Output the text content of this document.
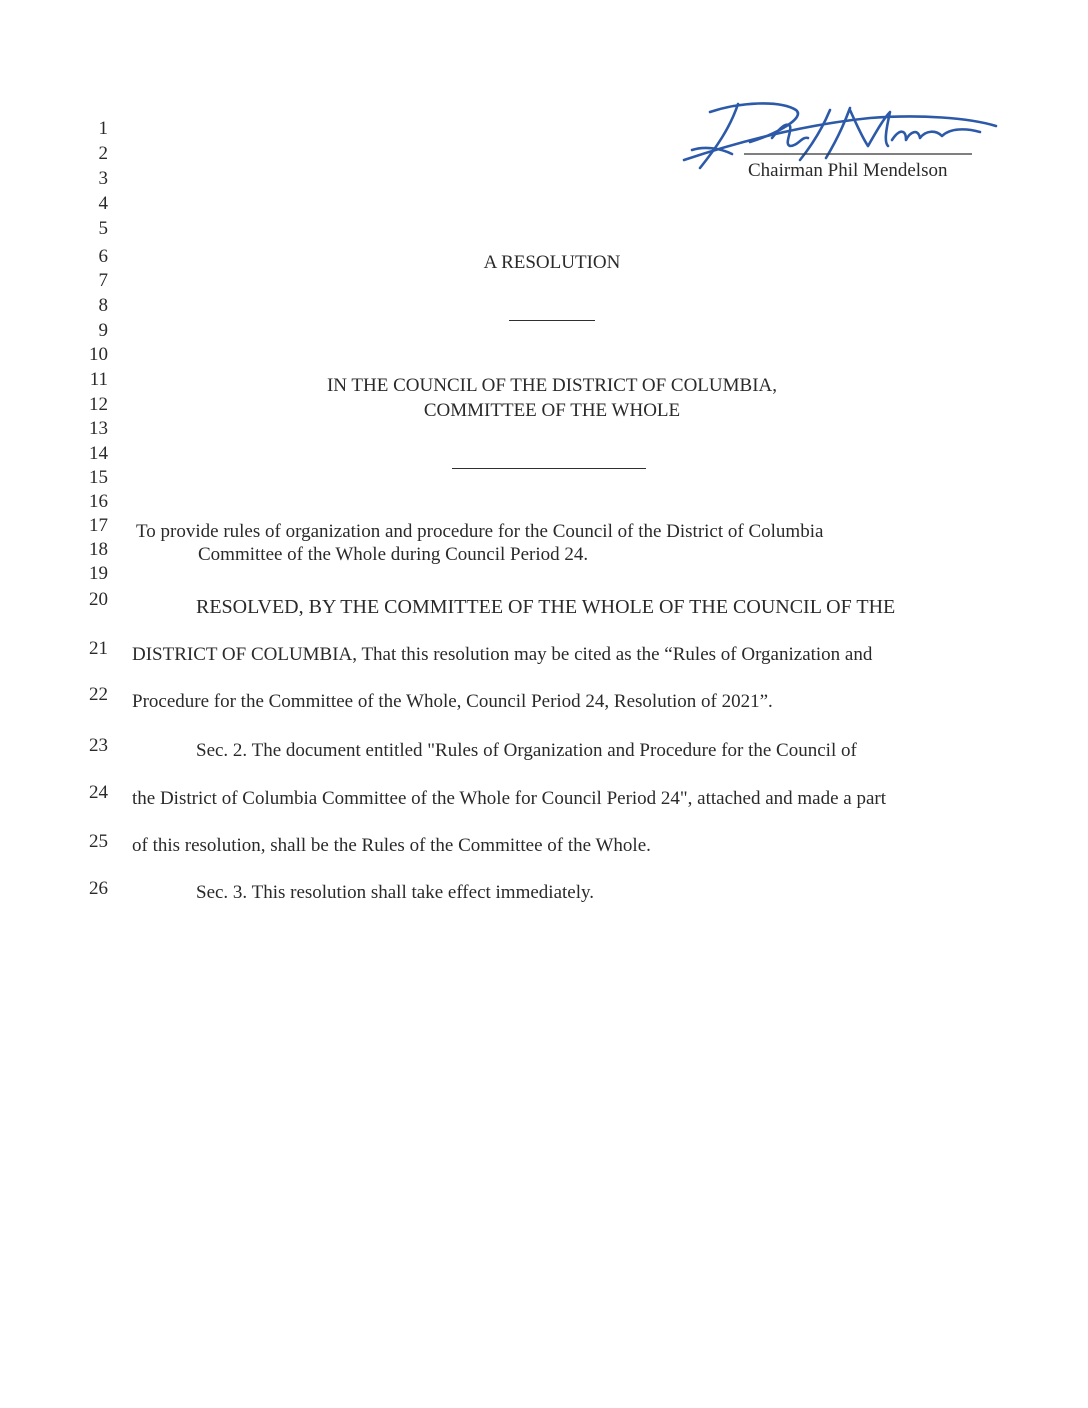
Chairman Phil Mendelson
1
2
3
4
5
6
7
8
9
10
11
12
13
14
15
16
17
18
19
20
21
22
23
24
25
26
A RESOLUTION
IN THE COUNCIL OF THE DISTRICT OF COLUMBIA,
COMMITTEE OF THE WHOLE
To provide rules of organization and procedure for the Council of the District of Columbia
Committee of the Whole during Council Period 24.
RESOLVED, BY THE COMMITTEE OF THE WHOLE OF THE COUNCIL OF THE
DISTRICT OF COLUMBIA, That this resolution may be cited as the “Rules of Organization and
Procedure for the Committee of the Whole, Council Period 24, Resolution of 2021”.
Sec. 2. The document entitled "Rules of Organization and Procedure for the Council of
the District of Columbia Committee of the Whole for Council Period 24", attached and made a part
of this resolution, shall be the Rules of the Committee of the Whole.
Sec. 3. This resolution shall take effect immediately.
